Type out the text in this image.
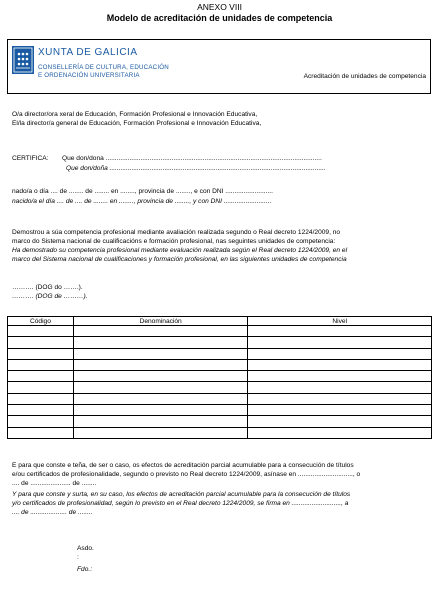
ANEXO VIII
Modelo de acreditación de unidades de competencia
XUNTA DE GALICIA
CONSELLERÍA DE CULTURA, EDUCACIÓN
E ORDENACIÓN UNIVERSITARIA	Acreditación de unidades de competencia
O/a director/ora xeral de Educación, Formación Profesional e Innovación Educativa,
El/la director/a general de Educación, Formación Profesional e Innovación Educativa,
CERTIFICA: Que don/dona ......................................................................................................................
Que don/doña ......................................................................................................................
nado/a o día .... de ........ de ........ en ........, provincia de ........, e con DNI ..........................
nacido/a el día .... de .... de ........ en ........, provincia de ........, y con DNI ..........................
Demostrou a súa competencia profesional mediante avaliación realizada segundo o Real decreto 1224/2009, no
marco do Sistema nacional de cualificacións e formación profesional, nas seguintes unidades de competencia:
Ha demostrado su competencia profesional mediante evaluación realizada según el Real decreto 1224/2009, en el
marco del Sistema nacional de cualificaciones y formación profesional, en las siguientes unidades de competencia
………. (DOG do …….).
………. (DOG de ………).
Código	Denominación	Nivel

E para que conste e teña, de ser o caso, os efectos de acreditación parcial acumulable para a consecución de títulos
e/ou certificados de profesionalidade, segundo o previsto no Real decreto 1224/2009, asínase en .............................., o
.... de ...................... de ........
Y para que conste y surta, en su caso, los efectos de acreditación parcial acumulable para la consecución de títulos
y/o certificados de profesionalidad, según lo previsto en el Real decreto 1224/2009, se firma en ..........................., a
.... de .................... de ........
Asdo.
:
Fdo.:
